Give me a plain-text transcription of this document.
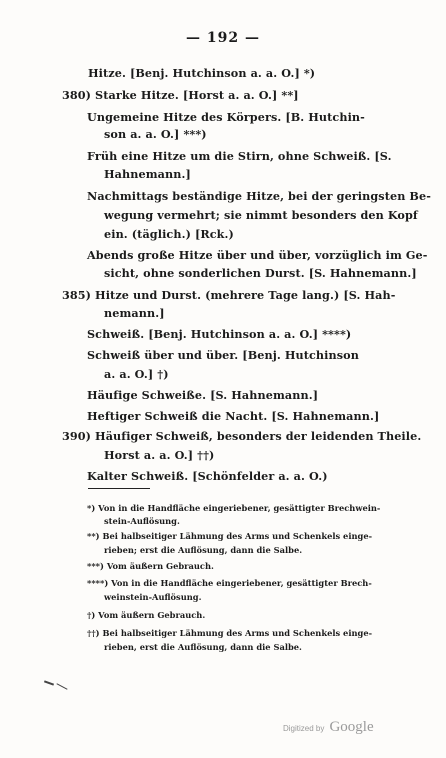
— 192 —
Hitze. [Benj. Hutchinson a. a. O.] *)
380) Starke Hitze. [Horst a. a. O.] **]
Ungemeine Hitze des Körpers. [B. Hutchin-
son a. a. O.] ***)
Früh eine Hitze um die Stirn, ohne Schweiß. [S.
Hahnemann.]
Nachmittags beständige Hitze, bei der geringsten Be-
wegung vermehrt; sie nimmt besonders den Kopf
ein. (täglich.) [Rck.)
Abends große Hitze über und über, vorzüglich im Ge-
sicht, ohne sonderlichen Durst. [S. Hahnemann.]
385) Hitze und Durst. (mehrere Tage lang.) [S. Hah-
nemann.]
Schweiß. [Benj. Hutchinson a. a. O.] ****)
Schweiß über und über. [Benj. Hutchinson
a. a. O.] †)
Häufige Schweiße. [S. Hahnemann.]
Heftiger Schweiß die Nacht. [S. Hahnemann.]
390) Häufiger Schweiß, besonders der leidenden Theile.
Horst a. a. O.] ††)
Kalter Schweiß. [Schönfelder a. a. O.)
*) Von in die Handfläche eingeriebener, gesättigter Brechwein-
stein-Auflösung.
**) Bei halbseitiger Lähmung des Arms und Schenkels einge-
rieben; erst die Auflösung, dann die Salbe.
***) Vom äußern Gebrauch.
****) Von in die Handfläche eingeriebener, gesättigter Brech-
weinstein-Auflösung.
†) Vom äußern Gebrauch.
††) Bei halbseitiger Lähmung des Arms und Schenkels einge-
rieben, erst die Auflösung, dann die Salbe.
Digitized by Google
